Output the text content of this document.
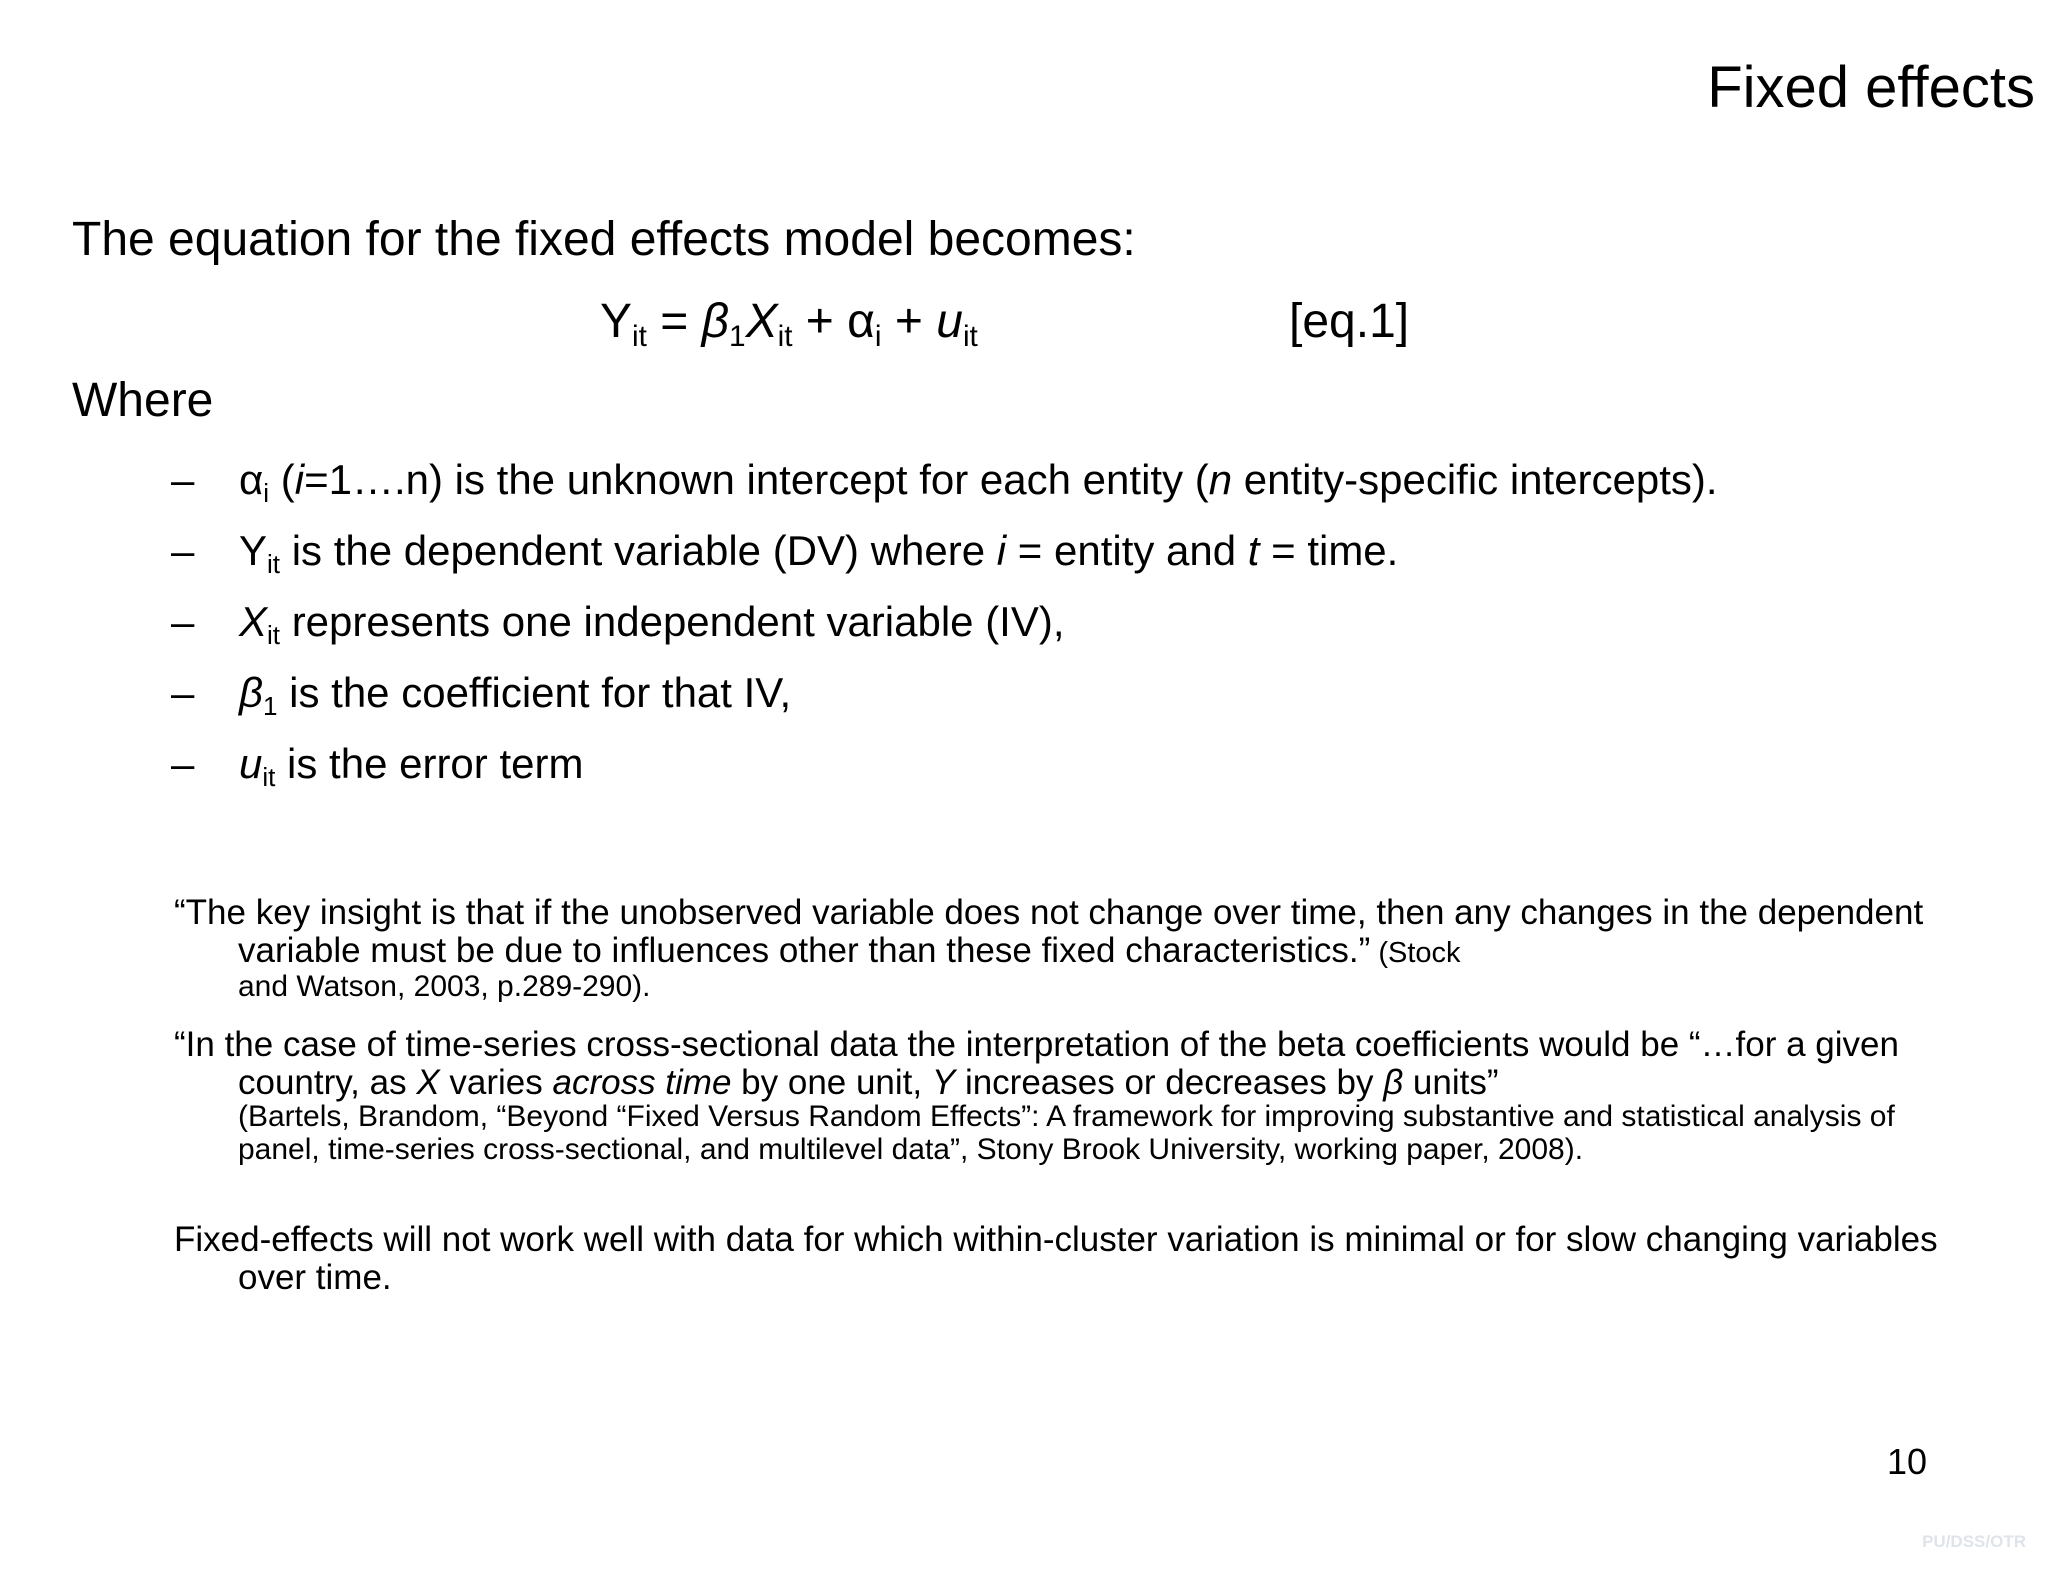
Fixed effects
The equation for the fixed effects model becomes:
$Y_{it} = \beta_1X_{it} + \alpha_i + u_{it}$	[eq.1]
Where
– $\alpha_i$ (i=1….n) is the unknown intercept for each entity (n entity-specific intercepts).
– $Y_{it}$ is the dependent variable (DV) where i = entity and t = time.
– $X_{it}$ represents one independent variable (IV),
– $\beta_1$ is the coefficient for that IV,
– $u_{it}$ is the error term
“The key insight is that if the unobserved variable does not change over time, then any changes in the dependent variable must be due to influences other than these fixed characteristics.” (Stock
and Watson, 2003, p.289-290).
“In the case of time-series cross-sectional data the interpretation of the beta coefficients would be “…for a given country, as X varies across time by one unit, Y increases or decreases by β units”
(Bartels, Brandom, “Beyond “Fixed Versus Random Effects”: A framework for improving substantive and statistical analysis of panel, time-series cross-sectional, and multilevel data”, Stony Brook University, working paper, 2008).
Fixed-effects will not work well with data for which within-cluster variation is minimal or for slow changing variables over time.
10
PU/DSS/OTR
